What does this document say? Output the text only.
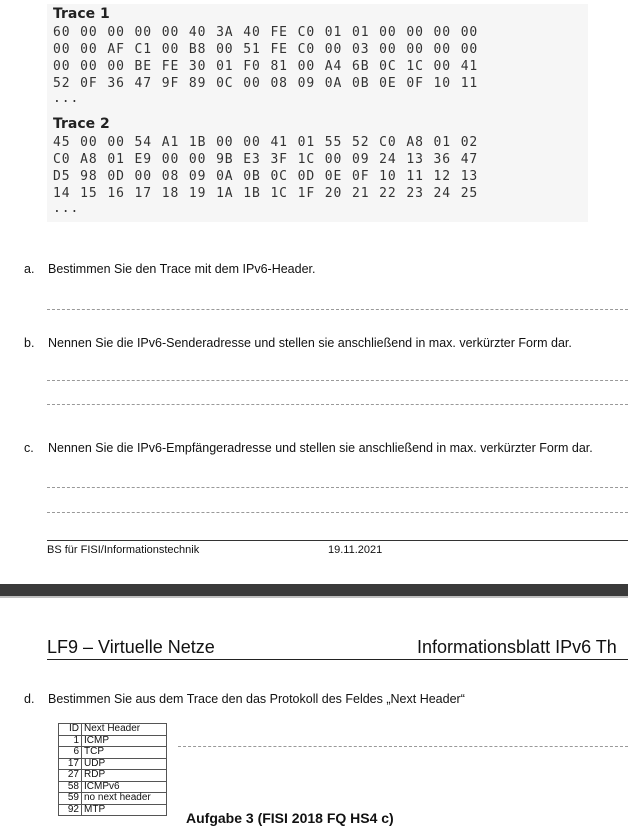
Trace 1
60 00 00 00 00 40 3A 40 FE C0 01 01 00 00 00 00
00 00 AF C1 00 B8 00 51 FE C0 00 03 00 00 00 00
00 00 00 BE FE 30 01 F0 81 00 A4 6B 0C 1C 00 41
52 0F 36 47 9F 89 0C 00 08 09 0A 0B 0E 0F 10 11
...
Trace 2
45 00 00 54 A1 1B 00 00 41 01 55 52 C0 A8 01 02
C0 A8 01 E9 00 00 9B E3 3F 1C 00 09 24 13 36 47
D5 98 0D 00 08 09 0A 0B 0C 0D 0E 0F 10 11 12 13
14 15 16 17 18 19 1A 1B 1C 1F 20 21 22 23 24 25
...
a. Bestimmen Sie den Trace mit dem IPv6-Header.
b. Nennen Sie die IPv6-Senderadresse und stellen sie anschließend in max. verkürzter Form dar.
c. Nennen Sie die IPv6-Empfängeradresse und stellen sie anschließend in max. verkürzter Form dar.
BS für FISI/Informationstechnik	19.11.2021
LF9 – Virtuelle Netze	Informationsblatt IPv6 Th
d. Bestimmen Sie aus dem Trace den das Protokoll des Feldes „Next Header“
ID	Next Header
1	ICMP
6	TCP
17	UDP
27	RDP
58	ICMPv6
59	no next header
92	MTP
Aufgabe 3 (FISI 2018 FQ HS4 c)
